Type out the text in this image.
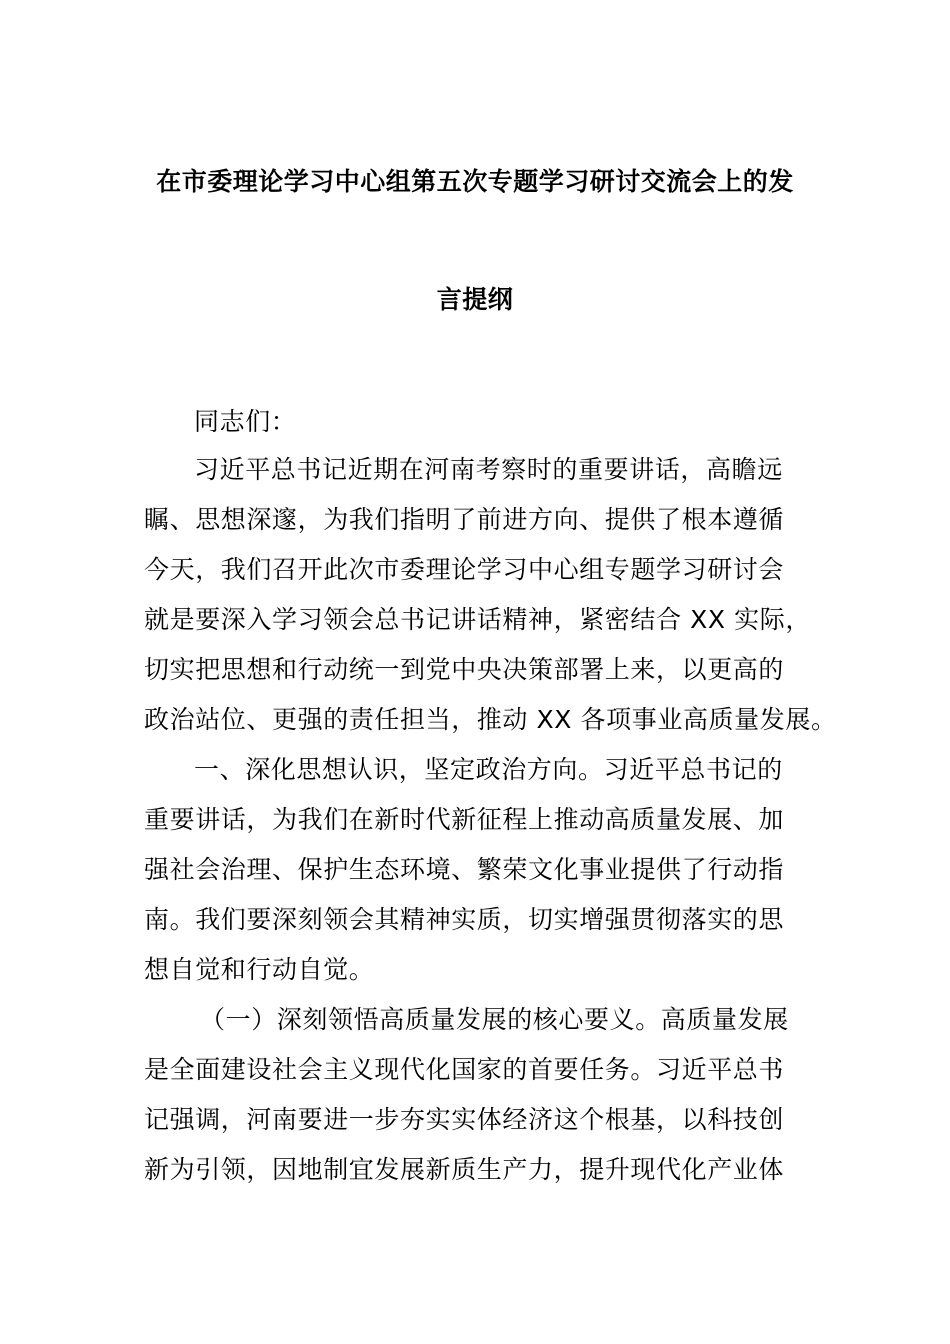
在市委理论学习中心组第五次专题学习研讨交流会上的发
言提纲
同志们：
习近平总书记近期在河南考察时的重要讲话，高瞻远
瞩、思想深邃，为我们指明了前进方向、提供了根本遵循
今天，我们召开此次市委理论学习中心组专题学习研讨会
就是要深入学习领会总书记讲话精神，紧密结合 XX 实际，
切实把思想和行动统一到党中央决策部署上来，以更高的
政治站位、更强的责任担当，推动 XX 各项事业高质量发展。
一、深化思想认识，坚定政治方向。习近平总书记的
重要讲话，为我们在新时代新征程上推动高质量发展、加
强社会治理、保护生态环境、繁荣文化事业提供了行动指
南。我们要深刻领会其精神实质，切实增强贯彻落实的思
想自觉和行动自觉。
（一）深刻领悟高质量发展的核心要义。高质量发展
是全面建设社会主义现代化国家的首要任务。习近平总书
记强调，河南要进一步夯实实体经济这个根基，以科技创
新为引领，因地制宜发展新质生产力，提升现代化产业体
